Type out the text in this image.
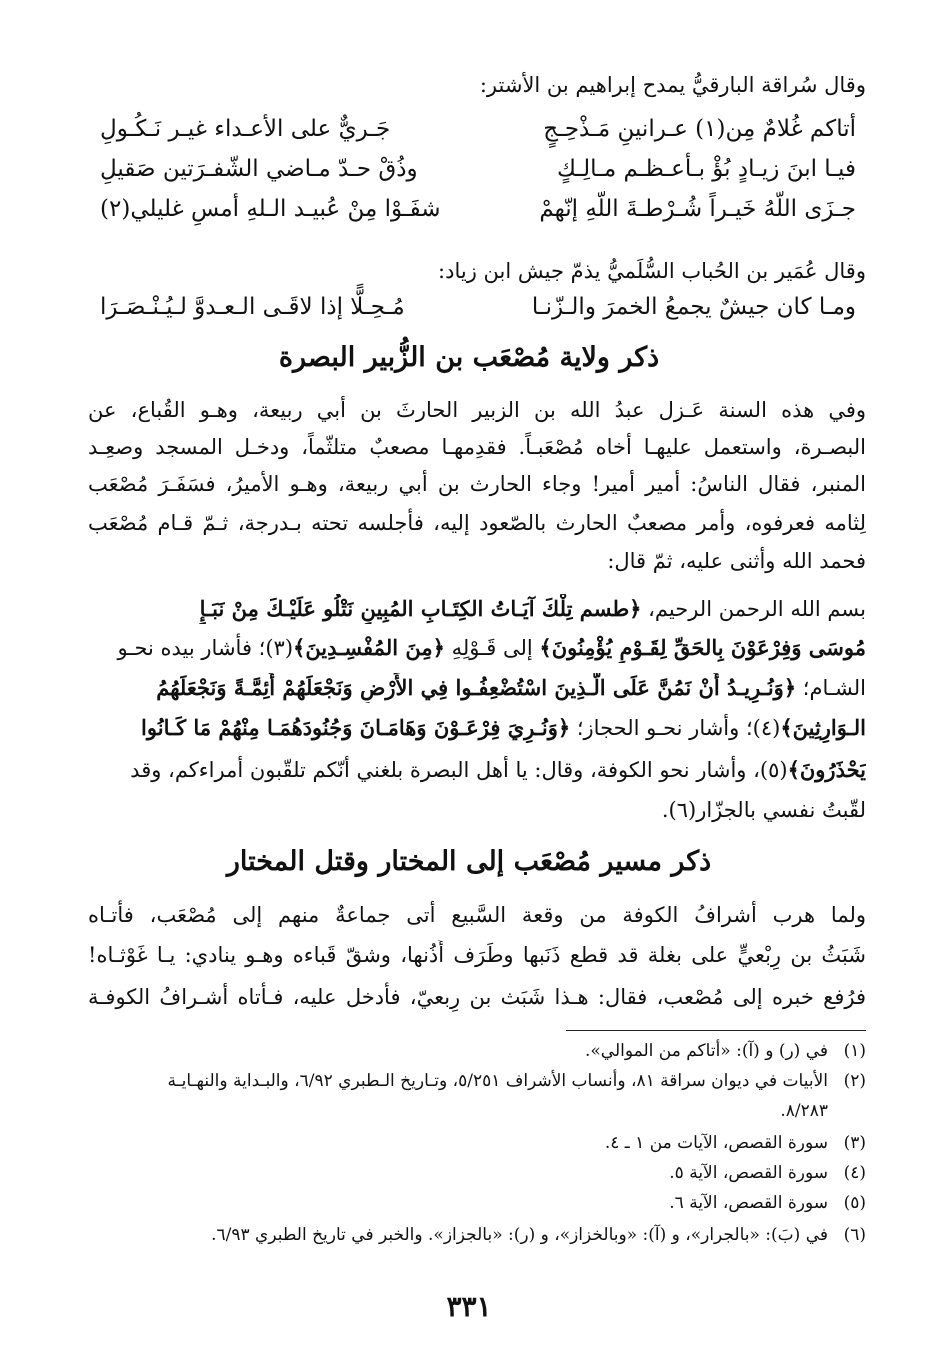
وقال سُراقة البارقيُّ يمدح إبراهيم بن الأشتر:
أتاكم غُلامٌ مِن(١) عـرانينِ مَـذْحِـجٍ
جَـريٌّ على الأعـداء غيـر نَـكُـولِ
فيـا ابنَ زيـادٍ بُؤْ بـأعـظـم مـالِـكٍ
وذُقْ حـدّ مـاضي الشّفـرَتين صَقيلِ
جـزَى اللّهُ خَيـراً شُـرْطـةَ اللّهِ إنّهمْ
شفَـوْا مِنْ عُبيـد الـلهِ أمسِ غليلي(٢)
وقال عُمَير بن الحُباب السُّلَميُّ يذمّ جيش ابن زياد:
ومـا كان جيشٌ يجمعُ الخمرَ والـزّنـا
مُـحِـلًّا إذا لاقَـى الـعـدوَّ لـيُـنْـصَـرَا
ذكر ولاية مُصْعَب بن الزُّبير البصرة
وفي هذه السنة عَـزل عبدُ الله بن الزبير الحارثَ بن أبي ربيعة، وهـو القُباع، عن
البصـرة، واستعمل عليهـا أخاه مُصْعَبـاً. فقدِمهـا مصعبٌ متلثّماً، ودخـل المسجد وصعِـد
المنبر، فقال الناسُ: أمير أمير! وجاء الحارث بن أبي ربيعة، وهـو الأميرُ، فسَفَـرَ مُصْعَب
لِثامه فعرفوه، وأمر مصعبٌ الحارث بالصّعود إليه، فأجلسه تحته بـدرجة، ثـمّ قـام مُصْعَب
فحمد الله وأثنى عليه، ثمّ قال:
بسم الله الرحمن الرحيم، ﴿طسم تِلْكَ آيَـاتُ الكِتَـابِ المُبِينِ نَتْلُو عَلَيْـكَ مِنْ نَبَـإِ
مُوسَى وَفِرْعَوْنَ بِالحَقِّ لِقَـوْمٍ يُؤْمِنُونَ﴾ إلى قَـوْلِهِ ﴿مِنَ المُفْسِـدِينَ﴾(٣)؛ فأشار بيده نحـو
الشـام؛ ﴿وَنُـرِيـدُ أَنْ نَمُنَّ عَلَى الَّـذِينَ اسْتُضْعِفُـوا فِي الأَرْضِ وَنَجْعَلَهُمْ أَئِمَّـةً وَنَجْعَلَهُمُ
الـوَارِثِينَ﴾(٤)؛ وأشار نحـو الحجاز؛ ﴿وَنُـرِيَ فِرْعَـوْنَ وَهَامَـانَ وَجُنُودَهُمَـا مِنْهُمْ مَا كَـانُوا
يَحْذَرُونَ﴾(٥)، وأشار نحو الكوفة، وقال: يا أهل البصرة بلغني أنّكم تلقّبون أمراءكم، وقد
لقّبتُ نفسي بالجزّار(٦).
ذكر مسير مُصْعَب إلى المختار وقتل المختار
ولما هرب أشرافُ الكوفة من وقعة السَّبيع أتى جماعةٌ منهم إلى مُصْعَب، فأتـاه
شَبَثُ بن رِبْعيٍّ على بغلة قد قطع ذَنَبها وطَرَف أُذُنها، وشقّ قَباءه وهـو ينادي: يـا غَوْثـاه!
فرُفع خبره إلى مُصْعب، فقال: هـذا شَبَث بن رِبعيّ، فأدخل عليه، فـأتاه أشـرافُ الكوفـة
(١)في (ر) و (آ): «أتاكم من الموالي».
(٢)الأبيات في ديوان سراقة ٨١، وأنساب الأشراف ٥/٢٥١، وتـاريخ الـطبري ٦/٩٢، والبـداية والنهـايـة
٨/٢٨٣.
(٣)سورة القصص، الآيات من ١ ـ ٤.
(٤)سورة القصص، الآية ٥.
(٥)سورة القصص، الآية ٦.
(٦)في (بَ): «بالجرار»، و (آ): «وبالخزاز»، و (ر): «بالجزاز». والخبر في تاريخ الطبري ٦/٩٣.
٣٣١
